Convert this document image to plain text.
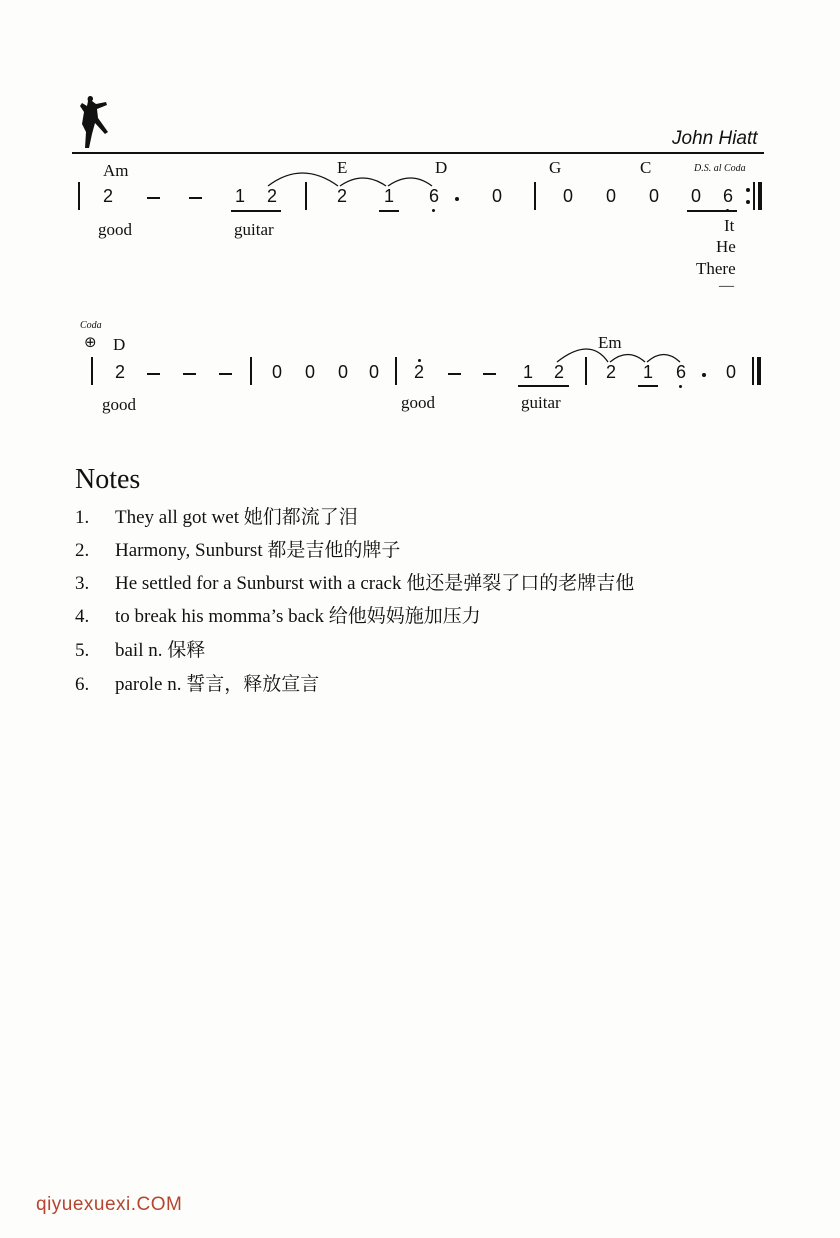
John Hiatt
Am	E	D	G	C	D.S. al Coda
2	1 2	2 1 6	0	0 0 0 0 6
good	guitar	It
He
There
––
Coda
⊕ D	Em
2	0 0 0 0 2	1 2 2 1 6 0
good	good	guitar
Notes
1. They all got wet 她们都流了泪
2. Harmony, Sunburst 都是吉他的牌子
3. He settled for a Sunburst with a crack 他还是弹裂了口的老牌吉他
4. to break his momma’s back 给他妈妈施加压力
5. bail n. 保释
6. parole n. 誓言，释放宣言
qiyuexuexi.COM
